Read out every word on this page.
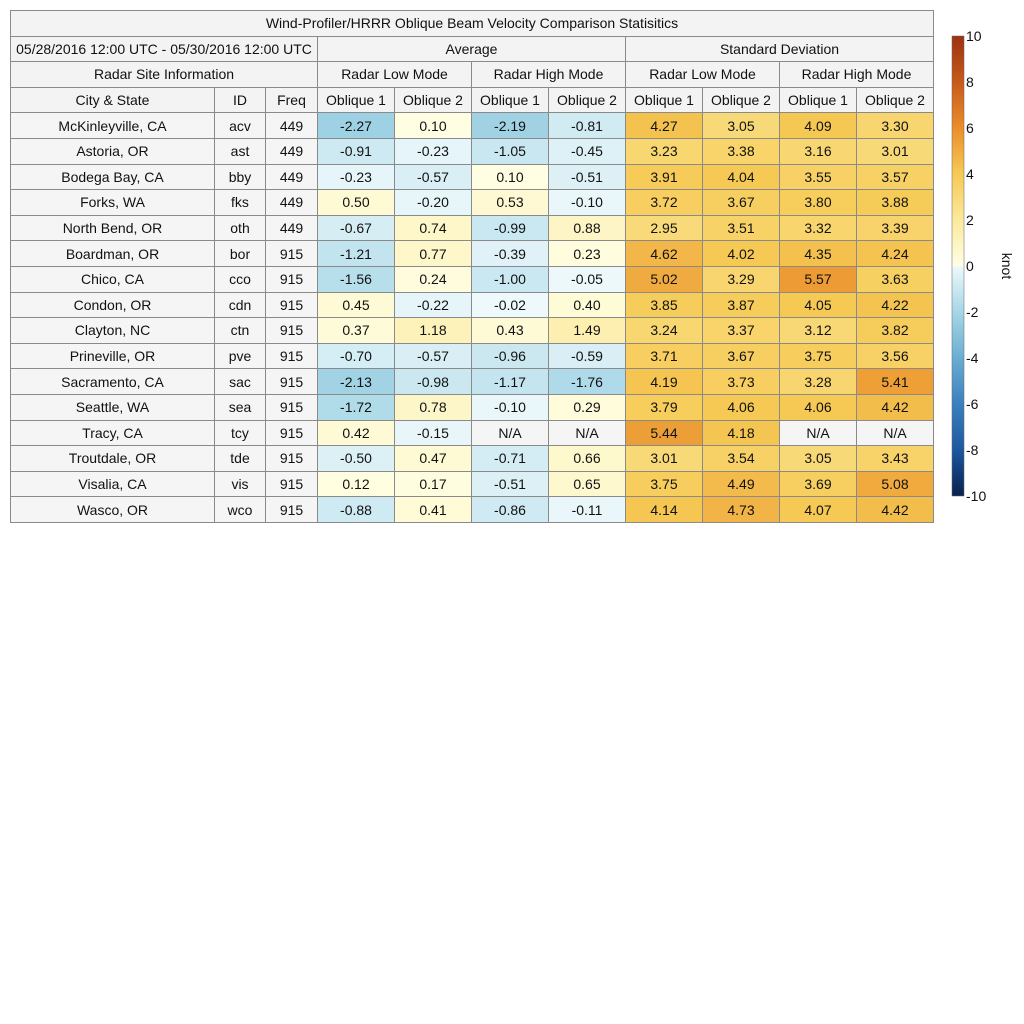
Wind-Profiler/HRRR Oblique Beam Velocity Comparison Statisitics										
05/28/2016 12:00 UTC - 05/30/2016 12:00 UTC			Average				Standard Deviation			
Radar Site Information			Radar Low Mode		Radar High Mode		Radar Low Mode		Radar High Mode	
City & State	ID	Freq	Oblique 1	Oblique 2	Oblique 1	Oblique 2	Oblique 1	Oblique 2	Oblique 1	Oblique 2
McKinleyville, CA	acv	449	-2.27	0.10	-2.19	-0.81	4.27	3.05	4.09	3.30
Astoria, OR	ast	449	-0.91	-0.23	-1.05	-0.45	3.23	3.38	3.16	3.01
Bodega Bay, CA	bby	449	-0.23	-0.57	0.10	-0.51	3.91	4.04	3.55	3.57
Forks, WA	fks	449	0.50	-0.20	0.53	-0.10	3.72	3.67	3.80	3.88
North Bend, OR	oth	449	-0.67	0.74	-0.99	0.88	2.95	3.51	3.32	3.39
Boardman, OR	bor	915	-1.21	0.77	-0.39	0.23	4.62	4.02	4.35	4.24
Chico, CA	cco	915	-1.56	0.24	-1.00	-0.05	5.02	3.29	5.57	3.63
Condon, OR	cdn	915	0.45	-0.22	-0.02	0.40	3.85	3.87	4.05	4.22
Clayton, NC	ctn	915	0.37	1.18	0.43	1.49	3.24	3.37	3.12	3.82
Prineville, OR	pve	915	-0.70	-0.57	-0.96	-0.59	3.71	3.67	3.75	3.56
Sacramento, CA	sac	915	-2.13	-0.98	-1.17	-1.76	4.19	3.73	3.28	5.41
Seattle, WA	sea	915	-1.72	0.78	-0.10	0.29	3.79	4.06	4.06	4.42
Tracy, CA	tcy	915	0.42	-0.15	N/A	N/A	5.44	4.18	N/A	N/A
Troutdale, OR	tde	915	-0.50	0.47	-0.71	0.66	3.01	3.54	3.05	3.43
Visalia, CA	vis	915	0.12	0.17	-0.51	0.65	3.75	4.49	3.69	5.08
Wasco, OR	wco	915	-0.88	0.41	-0.86	-0.11	4.14	4.73	4.07	4.42
10
8
6
4
2
0
-2
-4
-6
-8
-10
knot
